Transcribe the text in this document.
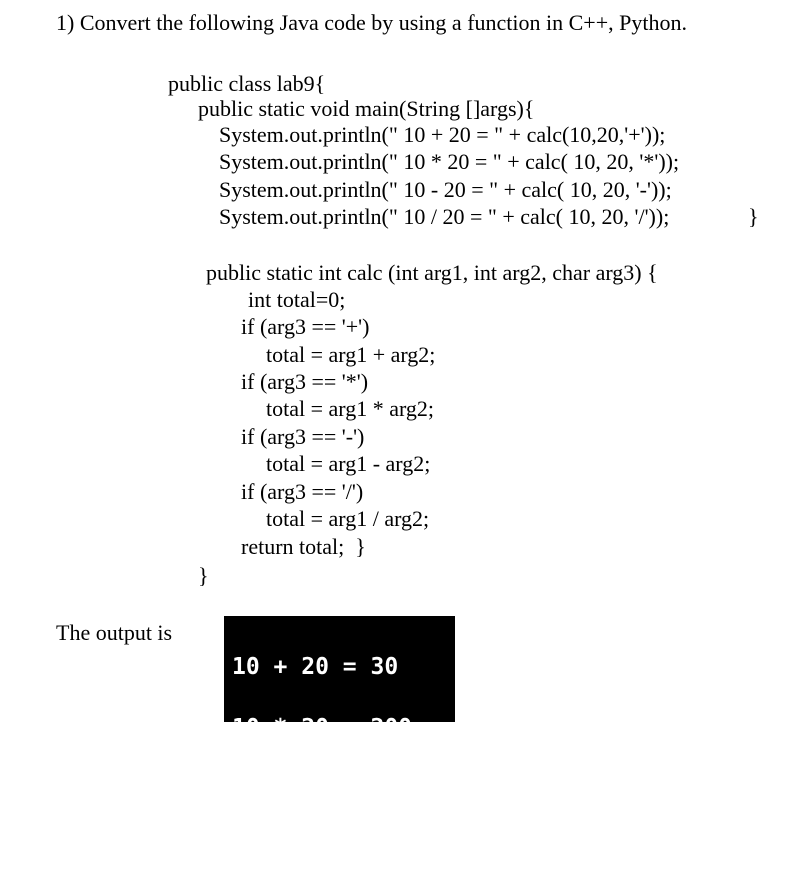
1) Convert the following Java code by using a function in C++, Python.
public class lab9{
public static void main(String []args){
System.out.println(" 10 + 20 = " + calc(10,20,'+'));
System.out.println(" 10 * 20 = " + calc( 10, 20, '*'));
System.out.println(" 10 - 20 = " + calc( 10, 20, '-'));
System.out.println(" 10 / 20 = " + calc( 10, 20, '/'));	}
public static int calc (int arg1, int arg2, char arg3) {
int total=0;
if (arg3 == '+')
total = arg1 + arg2;
if (arg3 == '*')
total = arg1 * arg2;
if (arg3 == '-')
total = arg1 - arg2;
if (arg3 == '/')
total = arg1 / arg2;
return total;  }
}
The output is

10 + 20 = 30

10 * 20 = 200

10 - 20 = -10

10 / 20 = 0
